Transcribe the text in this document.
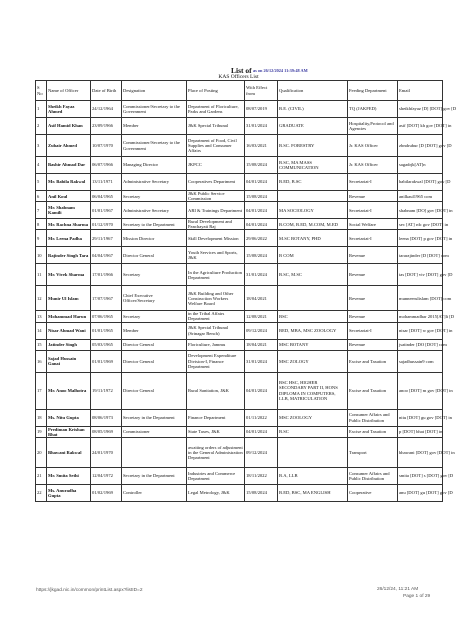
List of as on 26/12/2024 11:39:48 AM
KAS Officers List
S No	Name of Officer	Date of Birth	Designation	Place of Posting	With Effect from	Qualification	Feeding Department	Email
1	Sheikh Fayaz Ahmed	24/12/1964	Commissioner/Secretary to the Government	Department of Floriculture, Parks and Gardens	08/07/2019	B.E. (CIVIL)	TQ (JAKFED)	sheikhfayaz [D] [DOT] gov [D
2	Asif Hamid Khan	23/09/1966	Member	J&K Special Tribunal	31/01/2024	GRADUATE	Hospitality,Protocol and Agencies	asif [DOT] kh gov [DOT] in
3	Zubair Ahmed	10/07/1970	Commissioner/Secretary to the Government	Department of Food, Civil Supplies and Consumer Affairs	16/03/2021	B.SC. FORESTRY	Jr. KAS Officer	zbndrubur [D [DOT] gov [D
4	Bashir Ahmad Dar	06/07/1966	Managing Director	JKPCC	15/08/2024	B.SC, MA MASS COMMUNICATION	Jr. KAS Officer	sagadrjk[AT]n
5	Mr. Babila Rakwal	13/11/1971	Administrative Secretary	Cooperatives Department	04/01/2024	B.ED, B.SC	Secretariat-I	babilarakwal [DOT] gov [D
6	Anil Koul	06/04/1965	Secretary	J&K Public Service Commission	15/08/2024		Revenue	anilkaul1965 com
7	Mr. Shabnam Kamili	01/01/1967	Administrative Secretary	ARI & Trainings Department	04/01/2024	MA SOCIOLOGY	Secretariat-I	shabnam [DO] gov [DOT] in
8	Mr. Rachna Sharma	01/12/1970	Secretary to the Department	Rural Development and Panchayati Raj	04/01/2024	B.COM, B.ED, M.COM, M.ED	Social Welfare	sec [AT] rdc gov [DOT] in
9	Mr. Leena Padha	29/11/1967	Mission Director	Skill Development Mission	29/06/2022	M.SC BOTANY, PHD	Secretariat-I	leena [DOT] p gov [DOT] in
10	Rajinder Singh Tara	04/04/1967	Director General	Youth Services and Sports, J&K	15/08/2024	B COM	Revenue	tararajinder [D [DOT] com
11	Mr. Vivek Sharma	17/01/1966	Secretary	In the Agriculture Production Department	31/01/2024	B.SC, M.SC	Revenue	ias [DOT] viv [DOT] gov [D
12	Munir Ul Islam	17/07/1967	Chief Executive Officer/Secretary	J&K Building and Other Construction Workers Welfare Board	18/04/2021		Revenue	munneerulislam [DOT] com
13	Mohammad Harun	07/06/1965	Secretary	in the Tribal Affairs Department	12/08/2021	BSC	Revenue	mohammadhar 2015[AT]li [D
14	Nisar Ahmad Wani	01/01/1965	Member	J&K Special Tribunal (Srinagar Bench)	09/12/2024	BED, MBA, MSC ZOOLOGY	Secretariat-I	nisar [DOT] w gov [DOT] in
15	Jatinder Singh	05/03/1965	Director General	Floriculture, Jammu	18/04/2021	MSC BOTANY	Revenue	jsatinder [DO [DOT] com
16	Sajad Hussain Ganai	01/01/1969	Director General	Development Expenditure Division-I, Finance Department	31/01/2024	MSC ZOLOGY	Excise and Taxation	sajadhussain9 com
17	Mr. Anoo Malhotra	19/11/1972	Director General	Rural Sanitation, J&K	04/01/2024	BSC HSC, HIGHER SECONDARY PART II, HONS DIPLOMA IN COMPUTERS, LLB, MATRICULATION	Excise and Taxation	anoo [DOT] m gov [DOT] in
18	Ms. Nitu Gupta	08/06/1973	Secretary in the Department	Finance Department	01/11/2022	MSC ZOOLOGY	Consumer Affairs and Public Distribution	nitu [DOT] gu gov [DOT] in
19	Prediman Krishan Bhat	08/05/1969	Commissioner	State Taxes, J&K	04/01/2024	B.SC	Excise and Taxation	p [DOT] bhat [DOT] in
20	Bhawani Rakwal	24/01/1970		awaiting orders of adjustment in the General Administration Department	09/12/2024		Transport	bhawani [DOT] gov [DOT] in
21	Mr. Smita Sethi	12/04/1972	Secretary in the Department	Industries and Commerce Department	18/11/2022	B.A, LLB	Consumer Affairs and Public Distribution	smita [DOT] s [DOT] gov [D
22	Ms. Anuradha Gupta	01/02/1969	Controller	Legal Metrology, J&K	15/08/2024	B.ED, BSC, MA ENGLISH	Cooperative	anu [DOT] gu [DOT] gov [D
https://jkgad.nic.in/common/printList.aspx?listID=2	26/12/24, 11:21 AM
Page 1 of 29
